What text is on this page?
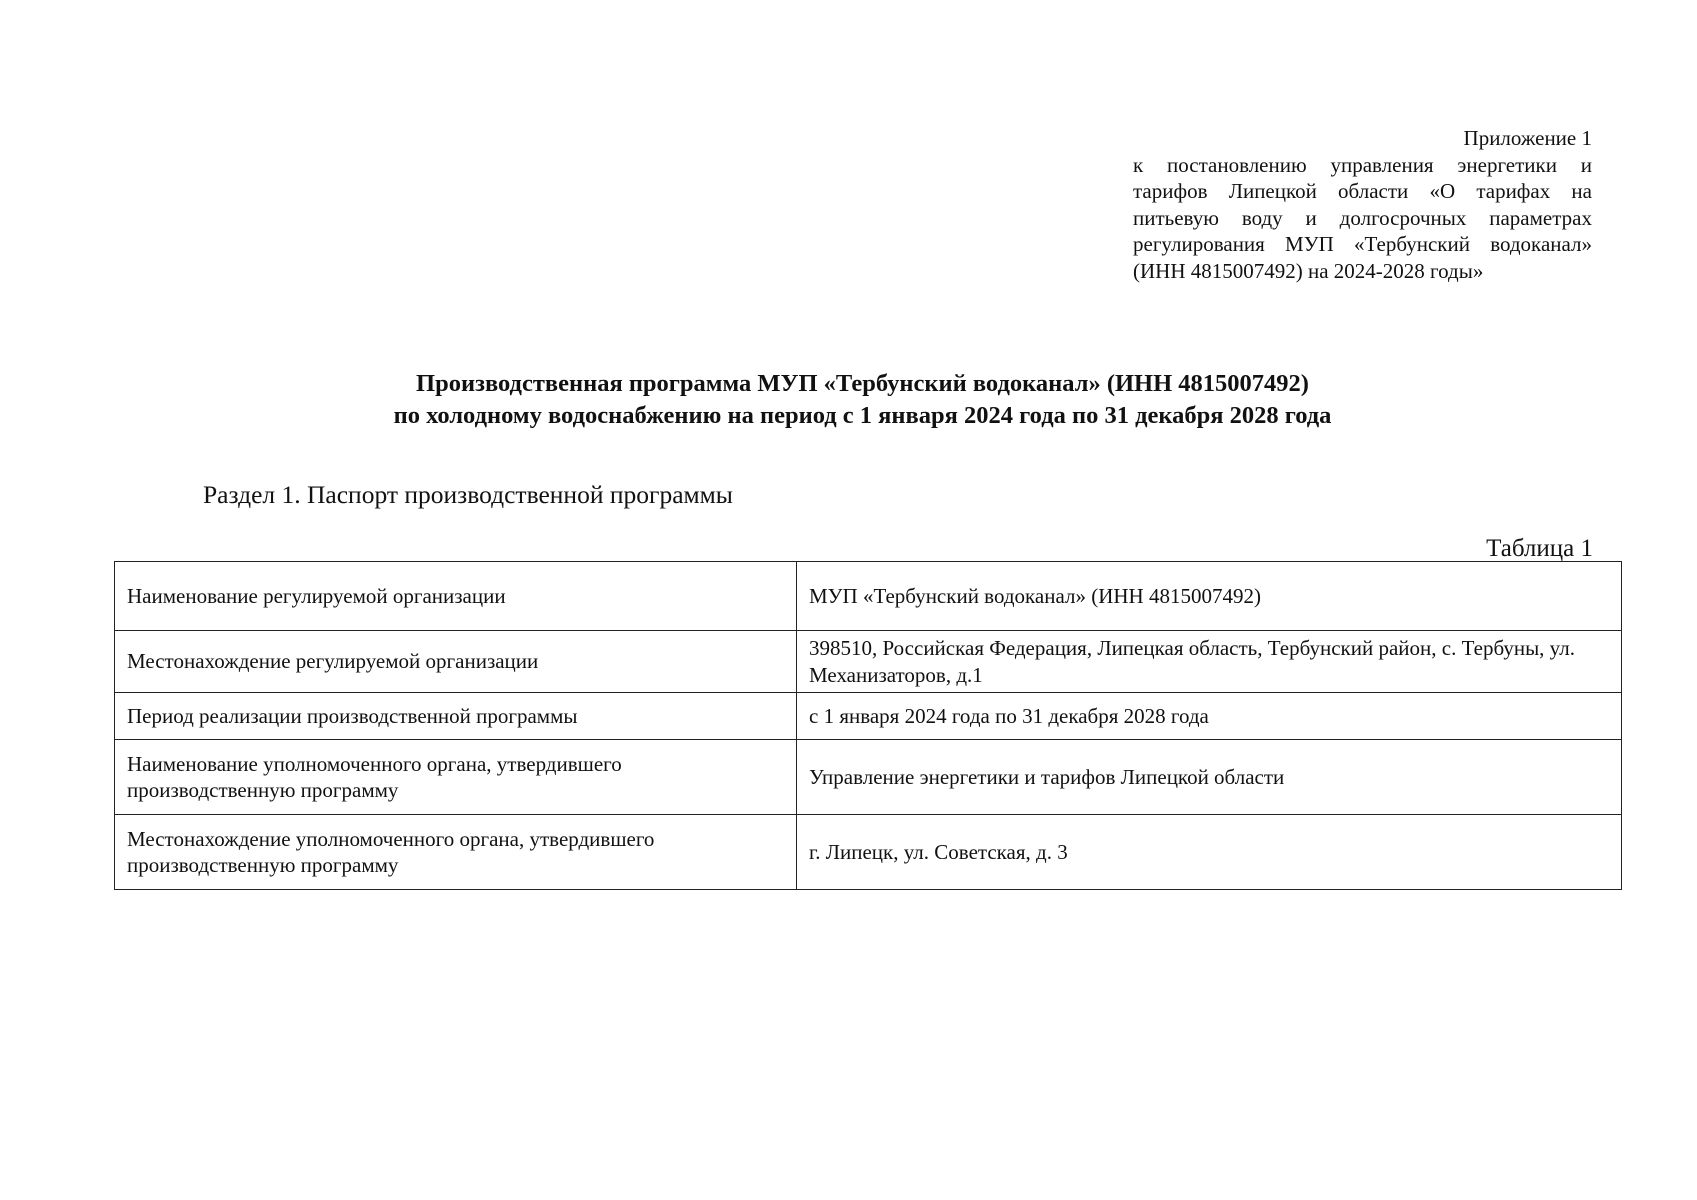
Приложение 1
к постановлению управления энергетики и тарифов Липецкой области «О тарифах на питьевую воду и долгосрочных параметрах регулирования МУП «Тербунский водоканал» (ИНН 4815007492) на 2024-2028 годы»
Производственная программа МУП «Тербунский водоканал» (ИНН 4815007492)
по холодному водоснабжению на период с 1 января 2024 года по 31 декабря 2028 года
Раздел 1. Паспорт производственной программы
Таблица 1
Наименование регулируемой организации	МУП «Тербунский водоканал» (ИНН 4815007492)
Местонахождение регулируемой организации	398510, Российская Федерация, Липецкая область, Тербунский район, с. Тербуны, ул. Механизаторов, д.1
Период реализации производственной программы	с 1 января 2024 года по 31 декабря 2028 года
Наименование уполномоченного органа, утвердившего производственную программу	Управление энергетики и тарифов Липецкой области
Местонахождение уполномоченного органа, утвердившего производственную программу	г. Липецк, ул. Советская, д. 3
